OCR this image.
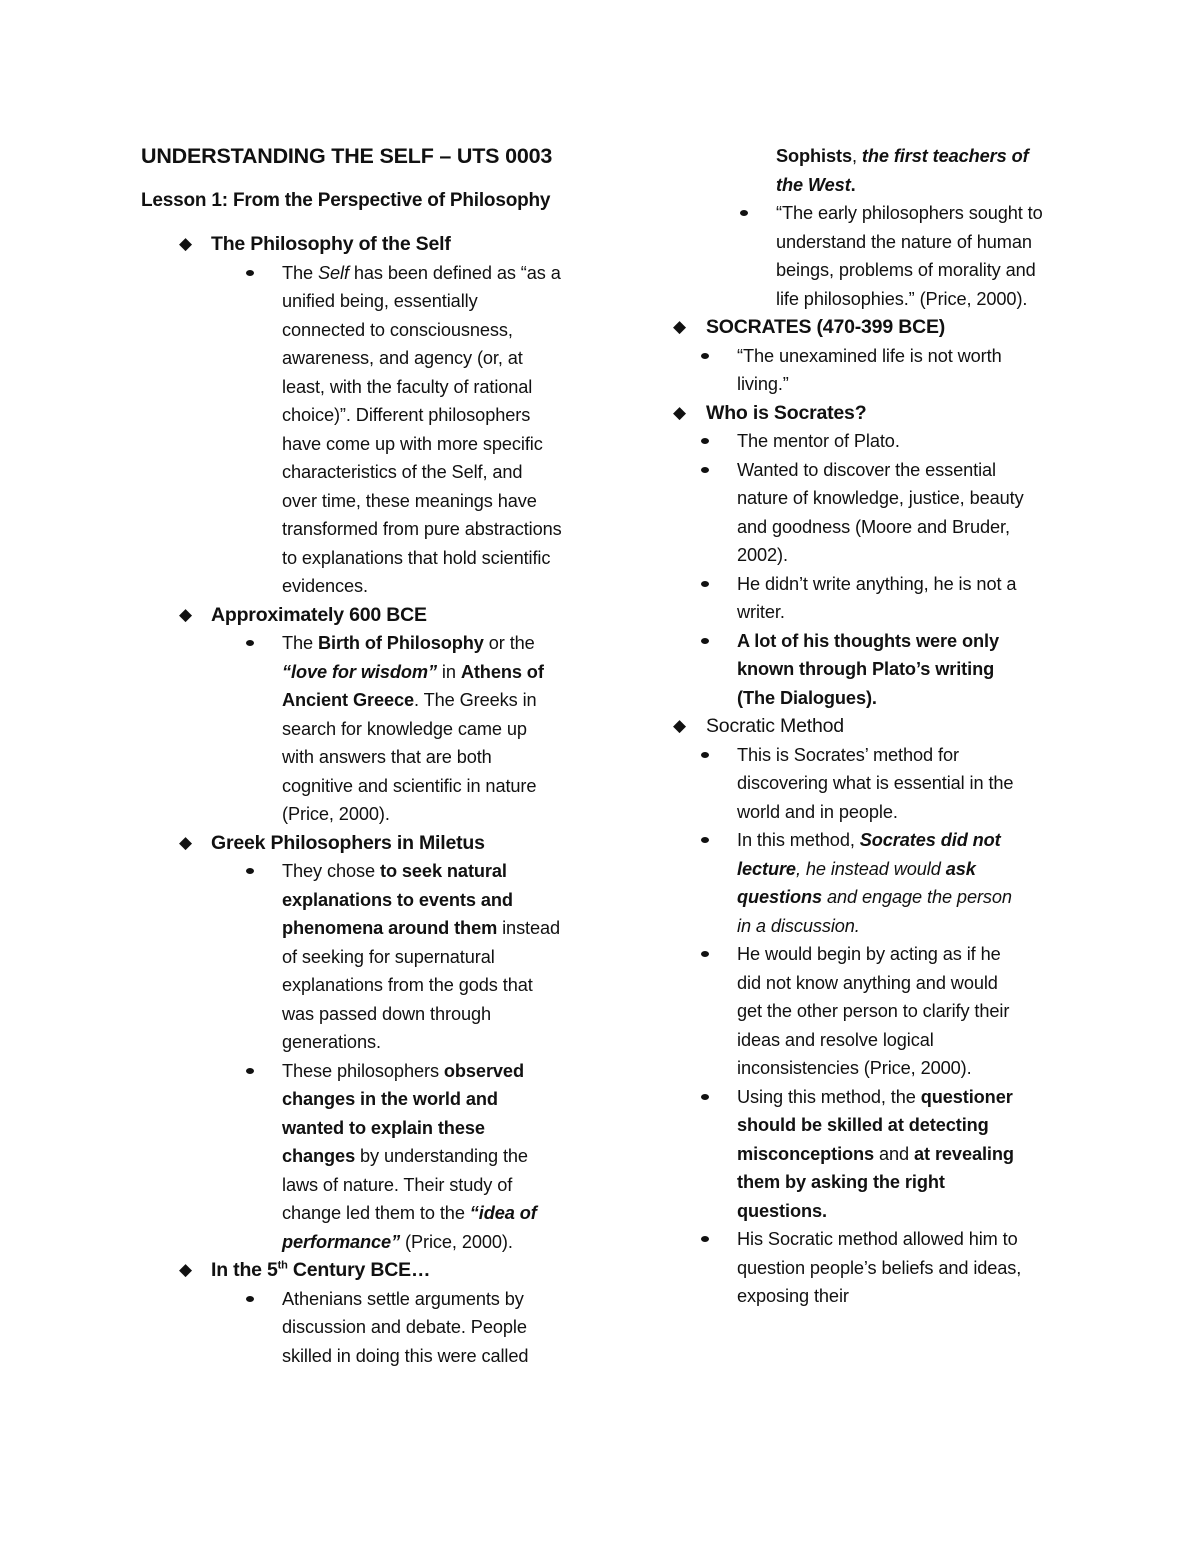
UNDERSTANDING THE SELF – UTS 0003
Lesson 1: From the Perspective of Philosophy
◆ The Philosophy of the Self
The Self has been defined as “as a unified being, essentially connected to consciousness, awareness, and agency (or, at least, with the faculty of rational choice)”. Different philosophers have come up with more specific characteristics of the Self, and over time, these meanings have transformed from pure abstractions to explanations that hold scientific evidences.
◆ Approximately 600 BCE
The Birth of Philosophy or the “love for wisdom” in Athens of Ancient Greece. The Greeks in search for knowledge came up with answers that are both cognitive and scientific in nature (Price, 2000).
◆ Greek Philosophers in Miletus
They chose to seek natural explanations to events and phenomena around them instead of seeking for supernatural explanations from the gods that was passed down through generations.
These philosophers observed changes in the world and wanted to explain these changes by understanding the laws of nature. Their study of change led them to the “idea of performance” (Price, 2000).
◆ In the 5th Century BCE…
Athenians settle arguments by discussion and debate. People skilled in doing this were called
Sophists, the first teachers of the West.
“The early philosophers sought to understand the nature of human beings, problems of morality and life philosophies.” (Price, 2000).
◆	SOCRATES (470-399 BCE)
“The unexamined life is not worth living.”
◆	Who is Socrates?
The mentor of Plato.
Wanted to discover the essential nature of knowledge, justice, beauty and goodness (Moore and Bruder, 2002).
He didn’t write anything, he is not a writer.
A lot of his thoughts were only known through Plato’s writing (The Dialogues).
◆	Socratic Method
This is Socrates’ method for discovering what is essential in the world and in people.
In this method, Socrates did not lecture, he instead would ask questions and engage the person in a discussion.
He would begin by acting as if he did not know anything and would get the other person to clarify their ideas and resolve logical inconsistencies (Price, 2000).
Using this method, the questioner should be skilled at detecting misconceptions and at revealing them by asking the right questions.
His Socratic method allowed him to question people’s beliefs and ideas, exposing their
